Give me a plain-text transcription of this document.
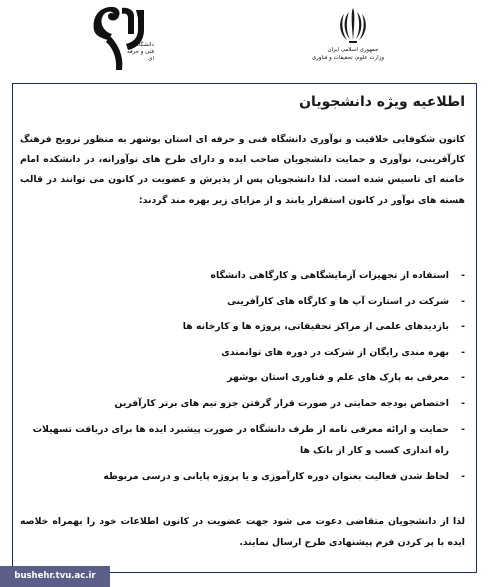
جمهوری اسلامی ایران
وزارت علوم، تحقیقات و فناوری
دانشگاه
فنی و حرفه ای
اطلاعیه ویژه دانشجویان

کانون شکوفایی خلاقیت و نوآوری دانشگاه فنی و حرفه ای استان بوشهر به منظور ترویج فرهنگ کارآفرینی، نوآوری و حمایت دانشجویان صاحب ایده و دارای طرح های نوآورانه، در دانشکده امام خامنه ای تاسیس شده است. لذا دانشجویان پس از پذیرش و عضویت در کانون می توانند در قالب هسته های نوآور در کانون استقرار یابند و از مزایای زیر بهره مند گردند:

-
استفاده از تجهیزات آزمایشگاهی و کارگاهی دانشگاه
-
شرکت در استارت آپ ها و کارگاه های کارآفرینی
-
بازدیدهای علمی از مراکز تحقیقاتی، پروژه ها و کارخانه ها
-
بهره مندی رایگان از شرکت در دوره های توانمندی
-
معرفی به پارک های علم و فناوری استان بوشهر
-
اختصاص بودجه حمایتی در صورت قرار گرفتن جزو تیم های برتر کارآفرین
-
حمایت و ارائه معرفی نامه از طرف دانشگاه در صورت پیشبرد ایده ها برای دریافت تسهیلات راه اندازی کسب و کار از بانک ها
-
لحاظ شدن فعالیت بعنوان دوره کارآموزی و یا پروژه پایانی و درسی مربوطه

لذا از دانشجویان متقاضی دعوت می شود جهت عضویت در کانون اطلاعات خود را بهمراه خلاصه ایده با پر کردن فرم پیشنهادی طرح ارسال نمایند.

bushehr.tvu.ac.ir
